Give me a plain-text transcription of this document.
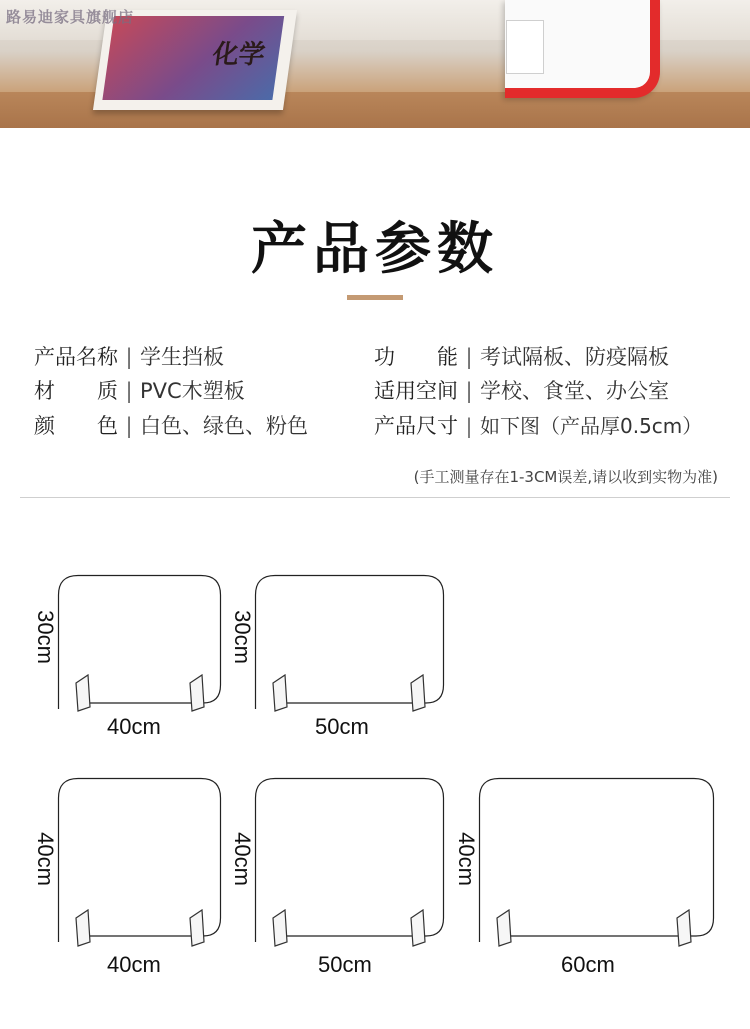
化学
路易迪家具旗舰店
产品参数
产品名称 | 学生挡板	功　　能 | 考试隔板、防疫隔板
材　　质 | PVC木塑板	适用空间 | 学校、食堂、办公室
颜　　色 | 白色、绿色、粉色	产品尺寸 | 如下图（产品厚0.5cm）
(手工测量存在1-3CM误差,请以收到实物为准)
30cm
40cm
30cm
50cm
40cm
40cm
40cm
50cm
40cm
60cm
